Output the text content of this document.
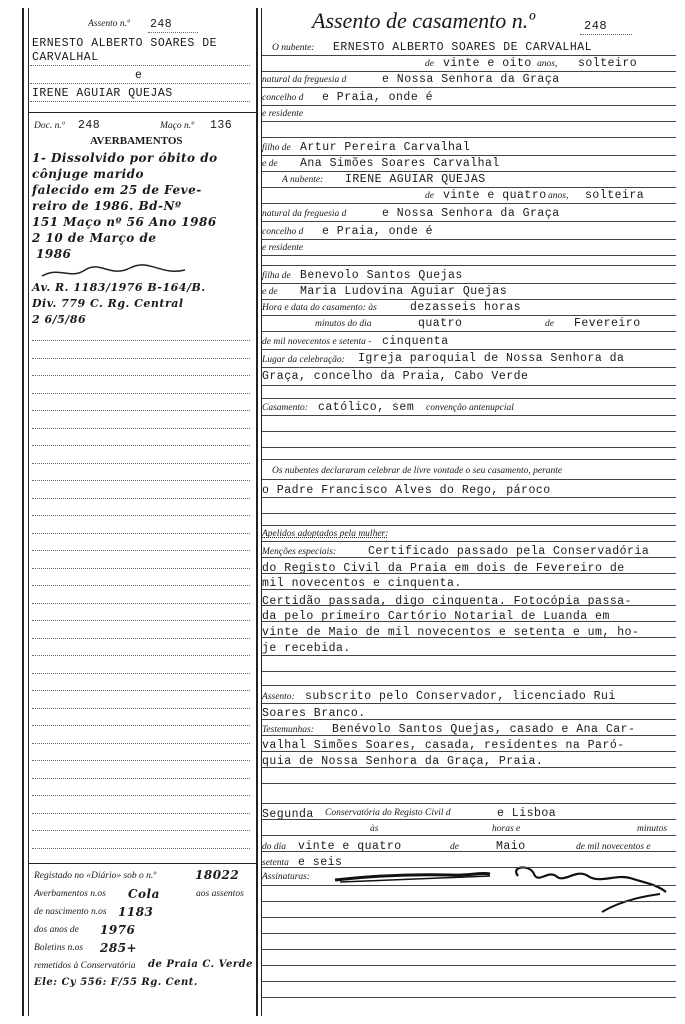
Assento n.º 248
ERNESTO ALBERTO SOARES DE
CARVALHAL
e
IRENE AGUIAR QUEJAS
Doc. n.º 248	Maço n.º 136
AVERBAMENTOS
1- Dissolvido por óbito do
cônjuge marido
falecido em 25 de Feve-
reiro de 1986. Bd-Nº
151 Maço nº 56 Ano 1986
2 10 de Março de
1986
Av. R. 1183/1976 B-164/B.
Div. 779 C. Rg. Central
2 6/5/86
Registado no «Diário» sob o n.º	18022
Averbamentos n.os Cola	aos assentos
de nascimento n.os 1183
dos anos de 1976
Boletins n.os 285+
remetidos à Conservatória de Praia C. Verde
Ele: Cy 556: F/55 Rg. Cent.
Assento de casamento n.º	248
O nubente: ERNESTO ALBERTO SOARES DE CARVALHAL
de vinte e oito anos, solteiro
natural da freguesia d	e Nossa Senhora da Graça
concelho d e Praia, onde é
e residente
filho de Artur Pereira Carvalhal
e de Ana Simões Soares Carvalhal
A nubente: IRENE AGUIAR QUEJAS
de vinte e quatro anos, solteira
natural da freguesia d	e Nossa Senhora da Graça
concelho d e Praia, onde é
e residente
filha de Benevolo Santos Quejas
e de Maria Ludovina Aguiar Quejas
Hora e data do casamento: às	dezasseis horas
minutos do dia	quatro	de Fevereiro
de mil novecentos e setenta - cinquenta
Lugar da celebração: Igreja paroquial de Nossa Senhora da
Graça, concelho da Praia, Cabo Verde
Casamento: católico, sem convenção antenupcial
Os nubentes declararam celebrar de livre vontade o seu casamento, perante
o Padre Francisco Alves do Rego, pároco
Apelidos adoptados pela mulher:
Menções especiais:	Certificado passado pela Conservadória
do Registo Civil da Praia em dois de Fevereiro de
mil novecentos e cinquenta.
Certidão passada, digo cinquenta. Fotocópia passa-
da pelo primeiro Cartório Notarial de Luanda em
vinte de Maio de mil novecentos e setenta e um, ho-
je recebida.
Assento: subscrito pelo Conservador, licenciado Rui
Soares Branco.
Testemunhas: Benévolo Santos Quejas, casado e Ana Car-
valhal Simões Soares, casada, residentes na Paró-
quia de Nossa Senhora da Graça, Praia.
Segunda Conservatória do Registo Civil d	e Lisboa
às	horas e	minutos
do dia vinte e quatro	de	Maio	de mil novecentos e
setenta e seis
Assinaturas:
